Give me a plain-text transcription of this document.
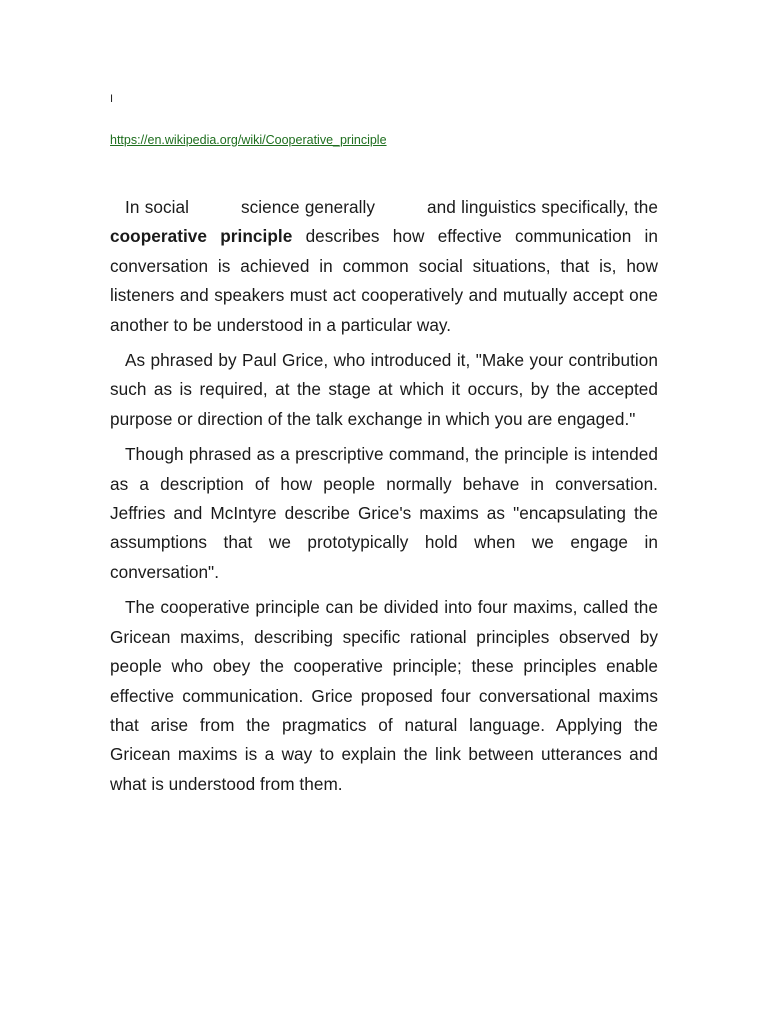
I
https://en.wikipedia.org/wiki/Cooperative_principle

In social	science generally	and linguistics specifically, the cooperative principle describes how effective communication in conversation is achieved in common social situations, that is, how listeners and speakers must act cooperatively and mutually accept one another to be understood in a particular way.

As phrased by Paul Grice, who introduced it, "Make your contribution such as is required, at the stage at which it occurs, by the accepted purpose or direction of the talk exchange in which you are engaged."

Though phrased as a prescriptive command, the principle is intended as a description of how people normally behave in conversation. Jeffries and McIntyre describe Grice's maxims as "encapsulating the assumptions that we prototypically hold when we engage in conversation".

The cooperative principle can be divided into four maxims, called the Gricean maxims, describing specific rational principles observed by people who obey the cooperative principle; these principles enable effective communication. Grice proposed four conversational maxims that arise from the pragmatics of natural language. Applying the Gricean maxims is a way to explain the link between utterances and what is understood from them.
